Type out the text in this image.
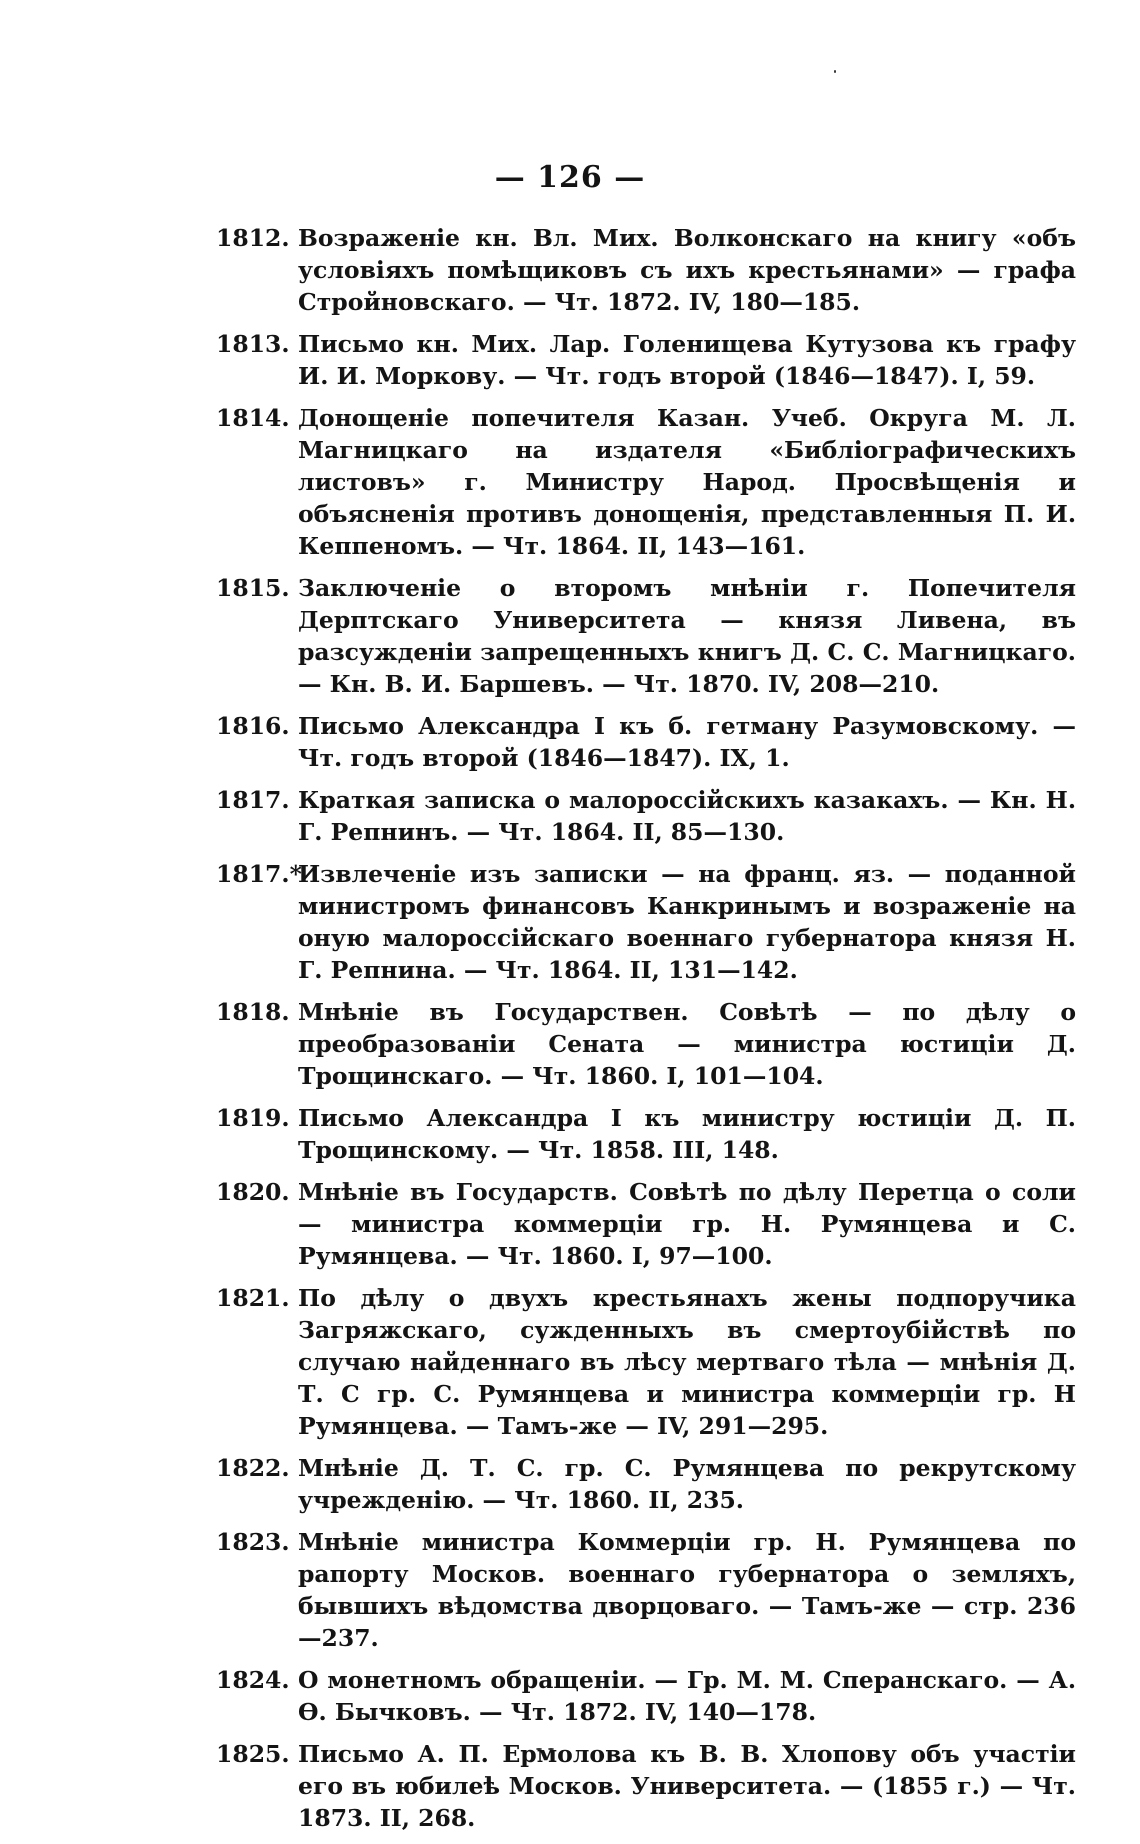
— 126 —
1812. Возраженіе кн. Вл. Мих. Волконскаго на книгу «объ условіяхъ помѣщиковъ съ ихъ крестьянами» — графа Стройновскаго. — Чт. 1872. IV, 180—185.
1813. Письмо кн. Мих. Лар. Голенищева Кутузова къ графу И. И. Моркову. — Чт. годъ второй (1846—1847). I, 59.
1814. Донощеніе попечителя Казан. Учеб. Округа М. Л. Магницкаго на издателя «Библіографическихъ листовъ» г. Министру Народ. Просвѣщенія и объясненія противъ донощенія, представленныя П. И. Кеппеномъ. — Чт. 1864. II, 143—161.
1815. Заключеніе о второмъ мнѣніи г. Попечителя Дерптскаго Университета — князя Ливена, въ разсужденіи запрещенныхъ книгъ Д. С. С. Магницкаго. — Кн. В. И. Баршевъ. — Чт. 1870. IV, 208—210.
1816. Письмо Александра I къ б. гетману Разумовскому. — Чт. годъ второй (1846—1847). IX, 1.
1817. Краткая записка о малороссійскихъ казакахъ. — Кн. Н. Г. Репнинъ. — Чт. 1864. II, 85—130.
1817.*
Извлеченіе изъ записки — на франц. яз. — поданной министромъ финансовъ Канкринымъ и возраженіе на оную малороссійскаго военнаго губернатора князя Н. Г. Репнина. — Чт. 1864. II, 131—142.
1818. Мнѣніе въ Государствен. Совѣтѣ — по дѣлу о преобразованіи Сената — министра юстиціи Д. Трощинскаго. — Чт. 1860. I, 101—104.
1819. Письмо Александра I къ министру юстиціи Д. П. Трощинскому. — Чт. 1858. III, 148.
1820. Мнѣніе въ Государств. Совѣтѣ по дѣлу Перетца о соли — министра коммерціи гр. Н. Румянцева и С. Румянцева. — Чт. 1860. I, 97—100.
1821. По дѣлу о двухъ крестьянахъ жены подпоручика Загряжскаго, сужденныхъ въ смертоубійствѣ по случаю найденнаго въ лѣсу мертваго тѣла — мнѣнія Д. Т. С гр. С. Румянцева и министра коммерціи гр. Н Румянцева. — Тамъ-же — IV, 291—295.
1822. Мнѣніе Д. Т. С. гр. С. Румянцева по рекрутскому учрежденію. — Чт. 1860. II, 235.
1823. Мнѣніе министра Коммерціи гр. Н. Румянцева по рапорту Москов. военнаго губернатора о земляхъ, бывшихъ вѣдомства дворцоваго. — Тамъ-же — стр. 236—237.
1824. О монетномъ обращеніи. — Гр. М. М. Сперанскаго. — А. Ѳ. Бычковъ. — Чт. 1872. IV, 140—178.
1825. Письмо А. П. Ермолова къ В. В. Хлопову объ участіи его въ юбилеѣ Москов. Университета. — (1855 г.) — Чт. 1873. II, 268.
